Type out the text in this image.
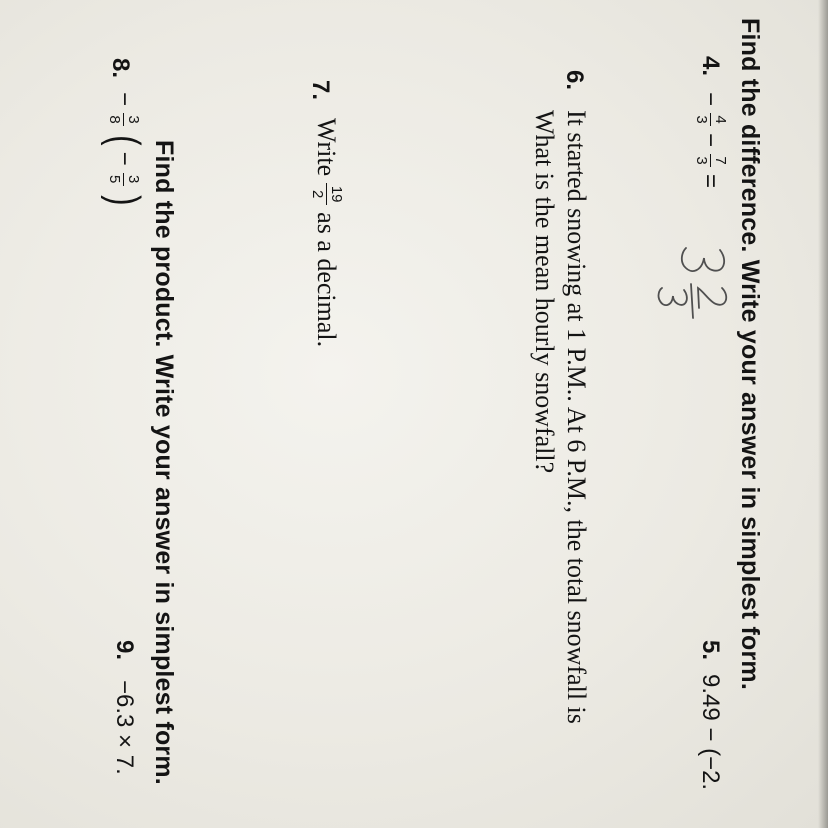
Find the difference. Write your answer in simplest form.
4.
−
4
3
−
7
3
=
5.
9.49 − (−2.
6.
It started snowing at 1 P.M.. At 6 P.M., the total snowfall is
What is the mean hourly snowfall?
7.
Write
19
2
as a decimal.
Find the product. Write your answer in simplest form.
8.
−
3
8
(
−
3
5
)
9.
−6.3 × 7.
